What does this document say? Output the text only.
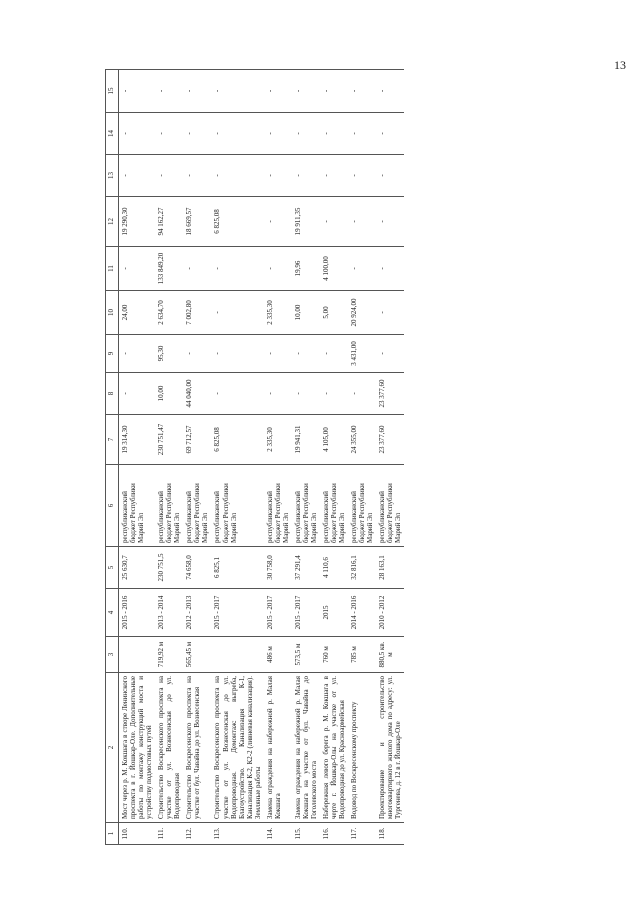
13
1	2	3	4	5	6	7	8	9	10	11	12	13	14	15
110.	Мост через р. М. Кокшага в створе Ленинского проспекта в г. Йошкар-Оле. Дополнительные работы по монтажу конструкций моста и устройству подмостовых путей		2015 - 2016	25 630,7	республиканский бюджет Республики Марий Эл	19 314,30	-	-	24,00	-	19 290,30	-	-	-
111.	Строительство Воскресенского проспекта на участке от ул. Вознесенская до ул. Водопроводная	719,92 м	2013 - 2014	230 751,5	республиканский бюджет Республики Марий Эл	230 751,47	10,00	95,30	2 634,70	133 849,20	94 162,27	-	-	-
112.	Строительство Воскресенского проспекта на участке от бул. Чавайна до ул. Вознесенская	565,45 м	2012 - 2013	74 658,0	республиканский бюджет Республики Марий Эл	69 712,57	44 040,00	-	7 002,80	-	18 669,57	-	-	-
113.	Строительство Воскресенского проспекта на участке от ул. Вознесенская до ул. Водопроводная. Демонтаж: выгреба, Благоустройство. Канализация К-1, Канализация К-2, К2-2 (ливневая канализация). Земляные работы		2015 - 2017	6 825,1	республиканский бюджет Республики Марий Эл	6 825,08	-	-	-	-	6 825,08	-	-	-
114.	Замена ограждения на набережной р. Малая Кокшага	486 м	2015 - 2017	30 758,0	республиканский бюджет Республики Марий Эл	2 335,30	-	-	2 335,30	-	-	-	-	-
115.	Замена ограждения на набережной р. Малая Кокшага на участке от бул. Чавайна до Гоголевского моста	573,5 м	2015 - 2017	37 291,4	республиканский бюджет Республики Марий Эл	19 941,31	-	-	10,00	19,96	19 911,35	-	-	-
116.	Набережная левого берега р. М. Кокшага в черте г. Йошкар-Олы на участке от ул. Водопроводная до ул. Красноармейская	760 м	2015	4 110,6	республиканский бюджет Республики Марий Эл	4 105,00	-	-	5,00	4 100,00	-	-	-	-
117.	Водовод по Воскресенскому проспекту	785 м	2014 - 2016	32 816,1	республиканский бюджет Республики Марий Эл	24 355,00	-	3 431,00	20 924,00	-	-	-	-	-
118.	Проектирование и строительство многоквартирного жилого дома по адресу: ул. Тургенева, д. 12 в г. Йошкар-Оле	880,5 кв. м	2010 - 2012	28 163,1	республиканский бюджет Республики Марий Эл	23 377,60	23 377,60	-	-	-	-	-	-	-
